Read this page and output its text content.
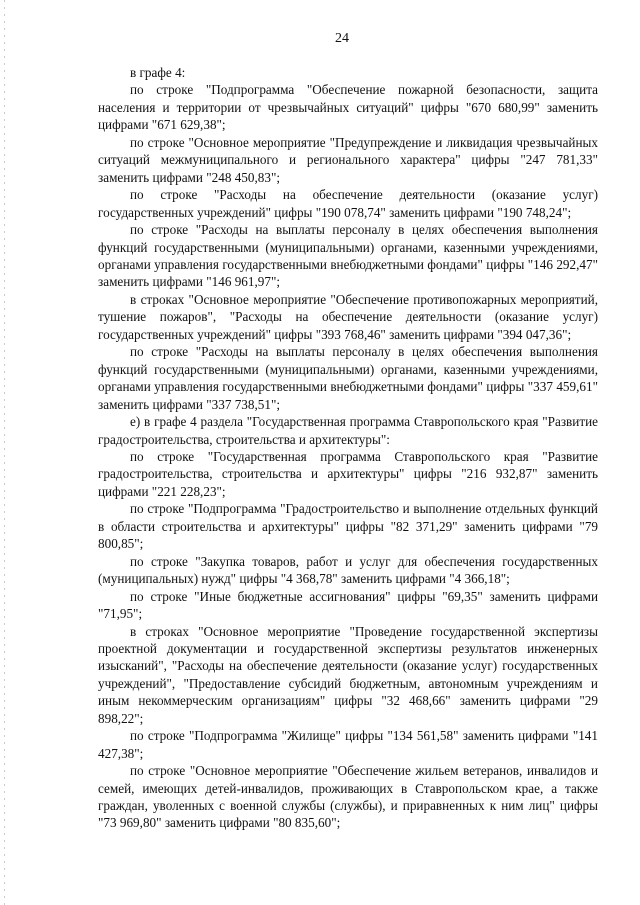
24

в графе 4:

по строке "Подпрограмма "Обеспечение пожарной безопасности, защита населения и территории от чрезвычайных ситуаций" цифры "670 680,99" заменить цифрами "671 629,38";

по строке "Основное мероприятие "Предупреждение и ликвидация чрезвычайных ситуаций межмуниципального и регионального характера" цифры "247 781,33" заменить цифрами "248 450,83";

по строке "Расходы на обеспечение деятельности (оказание услуг) государственных учреждений" цифры "190 078,74" заменить цифрами "190 748,24";

по строке "Расходы на выплаты персоналу в целях обеспечения выполнения функций государственными (муниципальными) органами, казенными учреждениями, органами управления государственными внебюджетными фондами" цифры "146 292,47" заменить цифрами "146 961,97";

в строках "Основное мероприятие "Обеспечение противопожарных мероприятий, тушение пожаров", "Расходы на обеспечение деятельности (оказание услуг) государственных учреждений" цифры "393 768,46" заменить цифрами "394 047,36";

по строке "Расходы на выплаты персоналу в целях обеспечения выполнения функций государственными (муниципальными) органами, казенными учреждениями, органами управления государственными внебюджетными фондами" цифры "337 459,61" заменить цифрами "337 738,51";

е) в графе 4 раздела "Государственная программа Ставропольского края "Развитие градостроительства, строительства и архитектуры":

по строке "Государственная программа Ставропольского края "Развитие градостроительства, строительства и архитектуры" цифры "216 932,87" заменить цифрами "221 228,23";

по строке "Подпрограмма "Градостроительство и выполнение отдельных функций в области строительства и архитектуры" цифры "82 371,29" заменить цифрами "79 800,85";

по строке "Закупка товаров, работ и услуг для обеспечения государственных (муниципальных) нужд" цифры "4 368,78" заменить цифрами "4 366,18";

по строке "Иные бюджетные ассигнования" цифры "69,35" заменить цифрами "71,95";

в строках "Основное мероприятие "Проведение государственной экспертизы проектной документации и государственной экспертизы результатов инженерных изысканий", "Расходы на обеспечение деятельности (оказание услуг) государственных учреждений", "Предоставление субсидий бюджетным, автономным учреждениям и иным некоммерческим организациям" цифры "32 468,66" заменить цифрами "29 898,22";

по строке "Подпрограмма "Жилище" цифры "134 561,58" заменить цифрами "141 427,38";

по строке "Основное мероприятие "Обеспечение жильем ветеранов, инвалидов и семей, имеющих детей-инвалидов, проживающих в Ставропольском крае, а также граждан, уволенных с военной службы (службы), и приравненных к ним лиц" цифры "73 969,80" заменить цифрами "80 835,60";
